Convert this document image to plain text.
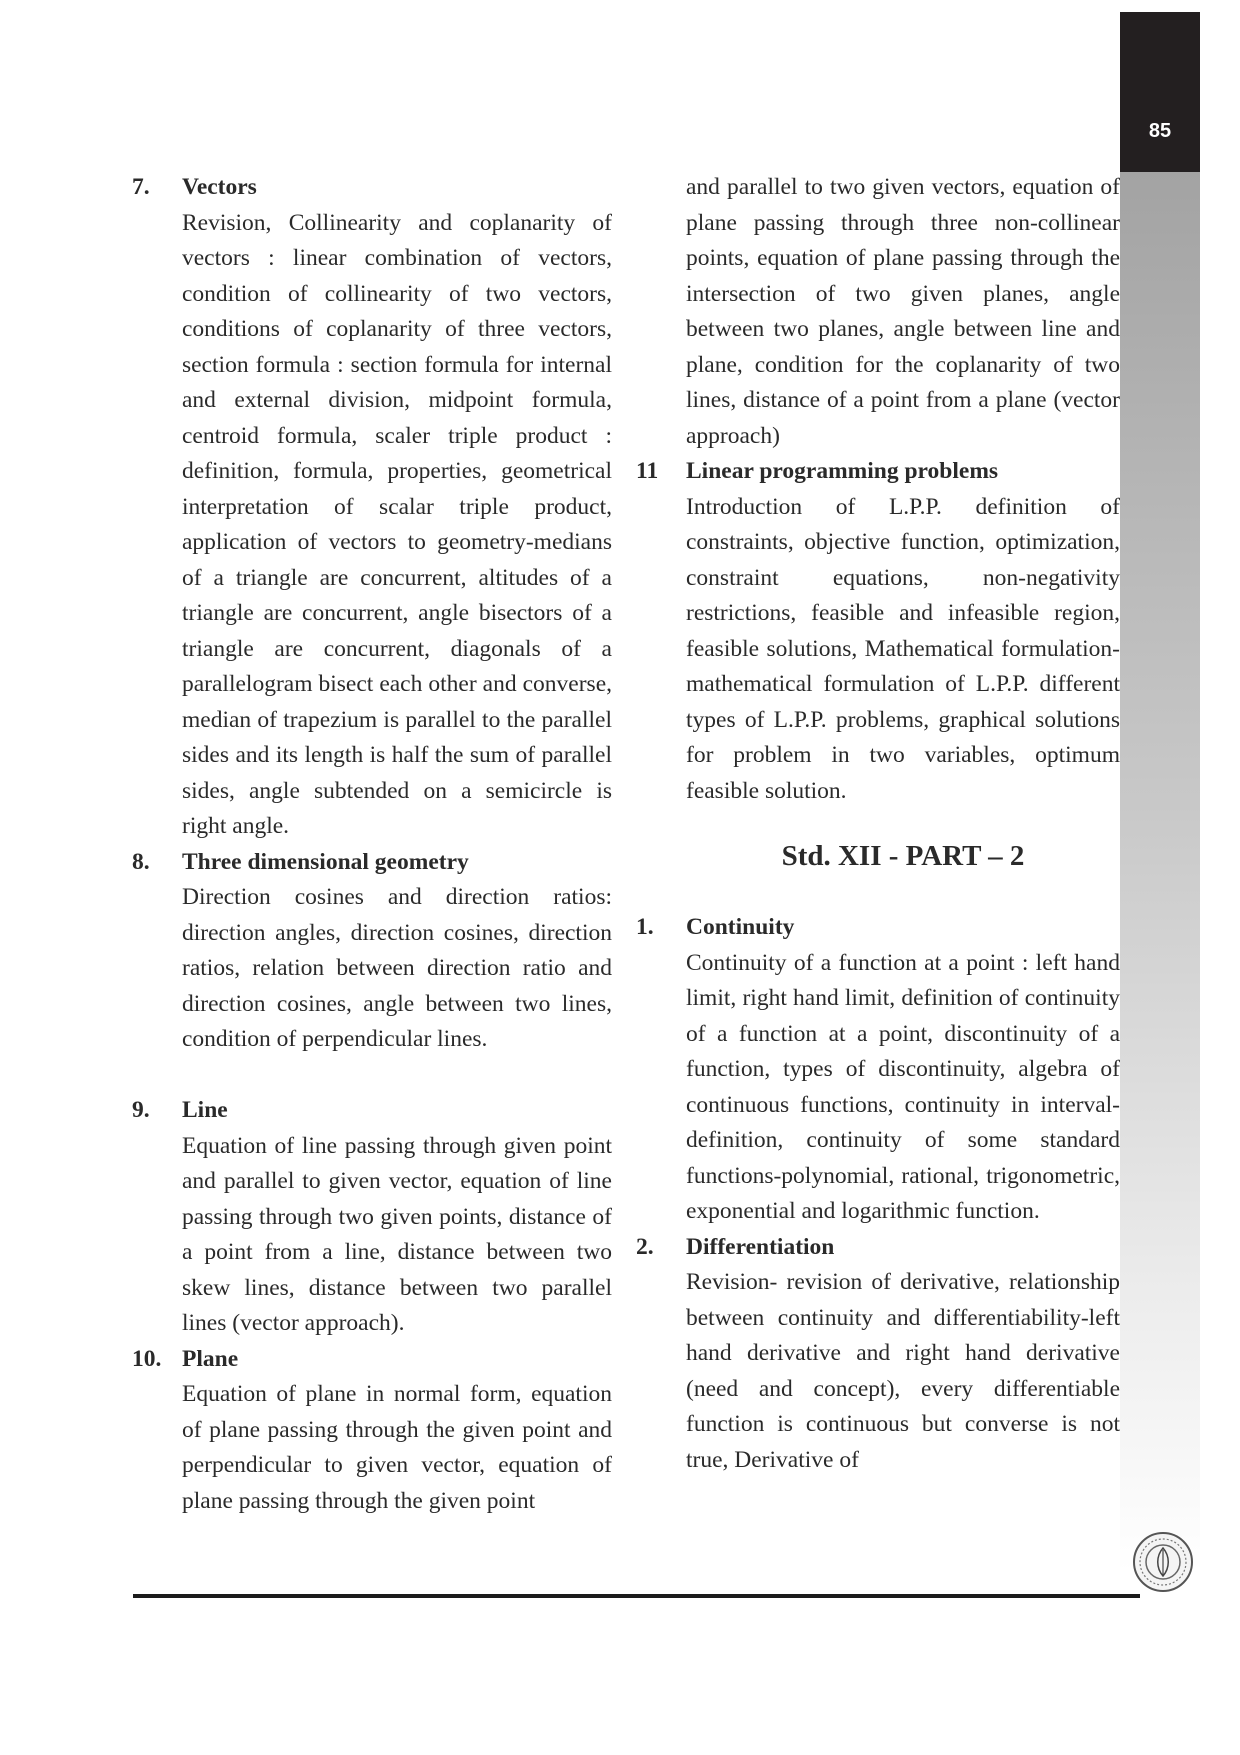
85
7. Vectors
Revision, Collinearity and coplanarity of vectors : linear combination of vectors, condition of collinearity of two vectors, conditions of coplanarity of three vectors, section formula : section formula for internal and external division, midpoint formula, centroid formula, scaler triple product : definition, formula, properties, geometrical interpretation of scalar triple product, application of vectors to geometry-medians of a triangle are concurrent, altitudes of a triangle are concurrent, angle bisectors of a triangle are concurrent, diagonals of a parallelogram bisect each other and converse, median of trapezium is parallel to the parallel sides and its length is half the sum of parallel sides, angle subtended on a semicircle is right angle.
8. Three dimensional geometry
Direction cosines and direction ratios: direction angles, direction cosines, direction ratios, relation between direction ratio and direction cosines, angle between two lines, condition of perpendicular lines.
9. Line
Equation of line passing through given point and parallel to given vector, equation of line passing through two given points, distance of a point from a line, distance between two skew lines, distance between two parallel lines (vector approach).
10. Plane
Equation of plane in normal form, equation of plane passing through the given point and perpendicular to given vector, equation of plane passing through the given point
and parallel to two given vectors, equation of plane passing through three non-collinear points, equation of plane passing through the intersection of two given planes, angle between two planes, angle between line and plane, condition for the coplanarity of two lines, distance of a point from a plane (vector approach)
11 Linear programming problems
Introduction of L.P.P. definition of constraints, objective function, optimization, constraint equations, non-negativity restrictions, feasible and infeasible region, feasible solutions, Mathematical formulation-mathematical formulation of L.P.P. different types of L.P.P. problems, graphical solutions for problem in two variables, optimum feasible solution.
Std. XII - PART – 2
1. Continuity
Continuity of a function at a point : left hand limit, right hand limit, definition of continuity of a function at a point, discontinuity of a function, types of discontinuity, algebra of continuous functions, continuity in interval-definition, continuity of some standard functions-polynomial, rational, trigonometric, exponential and logarithmic function.
2. Differentiation
Revision- revision of derivative, relationship between continuity and differentiability-left hand derivative and right hand derivative (need and concept), every differentiable function is continuous but converse is not true, Derivative of
